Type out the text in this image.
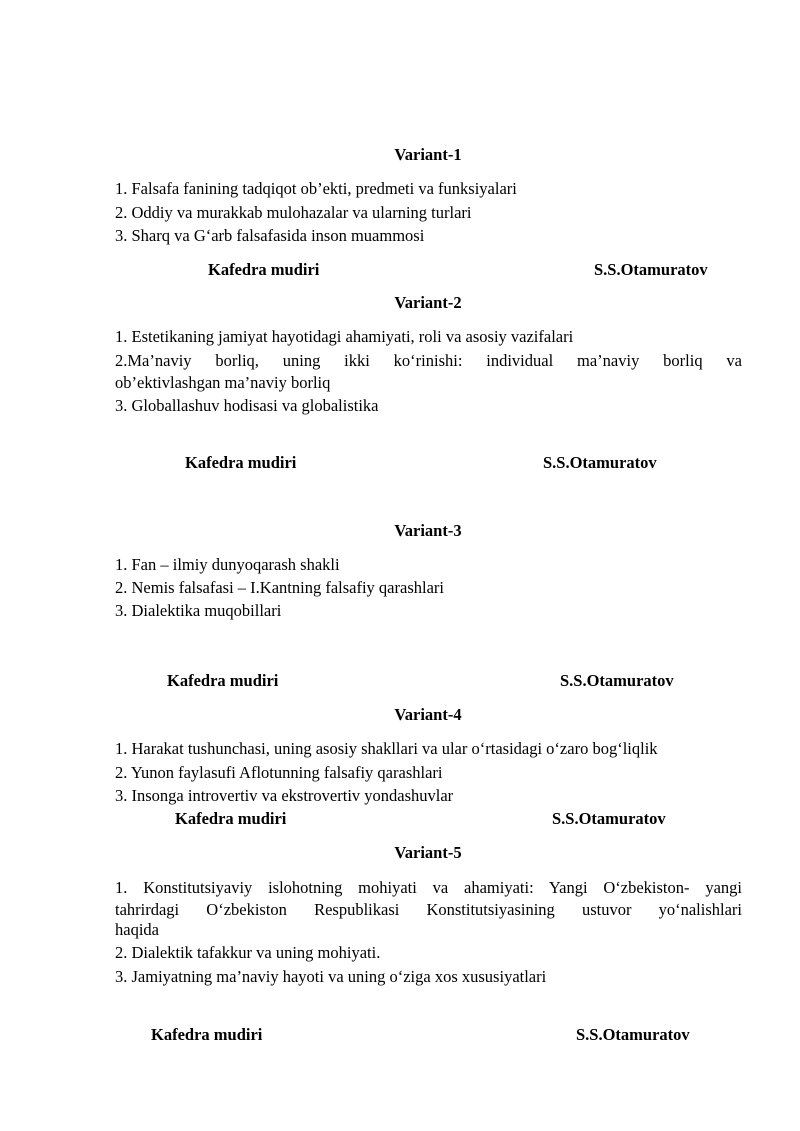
Variant-1
1. Falsafa fanining tadqiqot ob’ekti, predmeti va funksiyalari
2. Oddiy va murakkab mulohazalar va ularning turlari
3. Sharq va G‘arb falsafasida inson muammosi
Kafedra mudiri	S.S.Otamuratov
Variant-2
1. Estetikaning jamiyat hayotidagi ahamiyati, roli va asosiy vazifalari
2.Ma’naviy borliq, uning ikki ko‘rinishi: individual ma’naviy borliq va
ob’ektivlashgan ma’naviy borliq
3. Globallashuv hodisasi va globalistika
Kafedra mudiri	S.S.Otamuratov
Variant-3
1. Fan – ilmiy dunyoqarash shakli
2. Nemis falsafasi – I.Kantning falsafiy qarashlari
3. Dialektika muqobillari
Kafedra mudiri	S.S.Otamuratov
Variant-4
1. Harakat tushunchasi, uning asosiy shakllari va ular o‘rtasidagi o‘zaro bog‘liqlik
2. Yunon faylasufi Aflotunning falsafiy qarashlari
3. Insonga introvertiv va ekstrovertiv yondashuvlar
Kafedra mudiri	S.S.Otamuratov
Variant-5
1. Konstitutsiyaviy islohotning mohiyati va ahamiyati: Yangi O‘zbekiston- yangi
tahrirdagi O‘zbekiston Respublikasi Konstitutsiyasining ustuvor yo‘nalishlari
haqida
2. Dialektik tafakkur va uning mohiyati.
3. Jamiyatning ma’naviy hayoti va uning o‘ziga xos xususiyatlari
Kafedra mudiri	S.S.Otamuratov
